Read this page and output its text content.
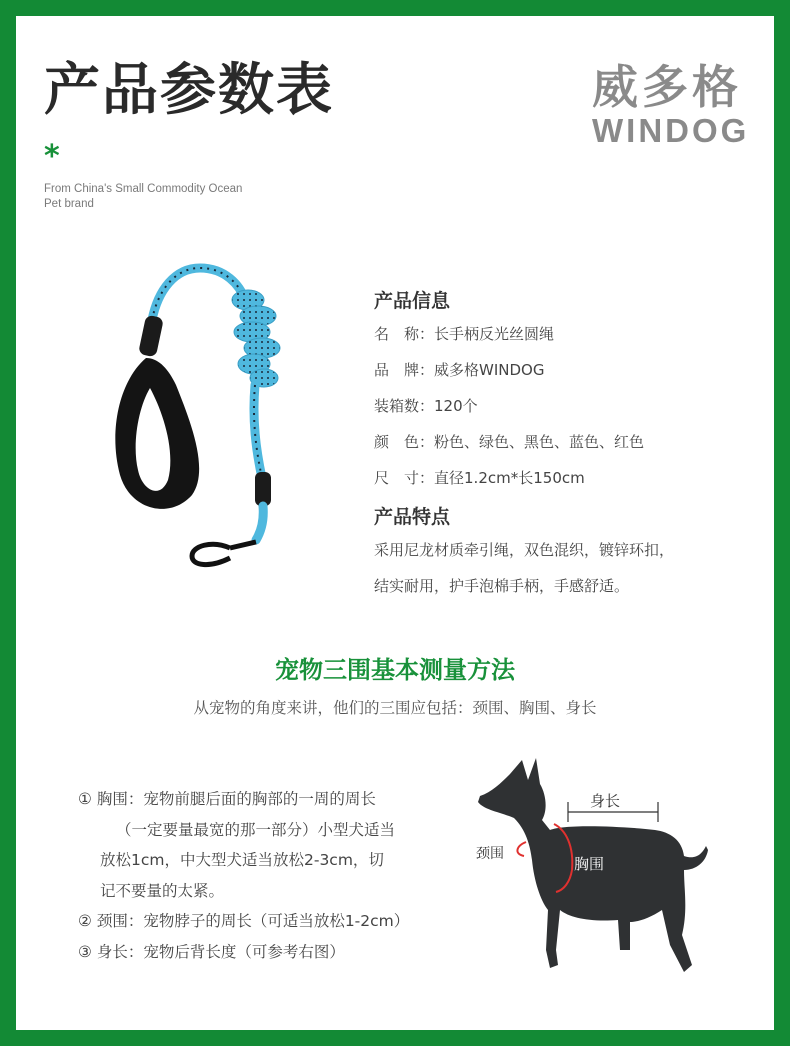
产品参数表
*
From China's Small Commodity Ocean
Pet brand
威多格
WINDOG
产品信息
名　称：长手柄反光丝圆绳
品　牌：威多格WINDOG
装箱数：120个
颜　色：粉色、绿色、黑色、蓝色、红色
尺　寸：直径1.2cm*长150cm
产品特点
采用尼龙材质牵引绳，双色混织，镀锌环扣，
结实耐用，护手泡棉手柄，手感舒适。
宠物三围基本测量方法
从宠物的角度来讲，他们的三围应包括：颈围、胸围、身长
① 胸围：宠物前腿后面的胸部的一周的周长
（一定要量最宽的那一部分）小型犬适当
放松1cm，中大型犬适当放松2-3cm，切
记不要量的太紧。
② 颈围：宠物脖子的周长（可适当放松1-2cm）
③ 身长：宠物后背长度（可参考右图）
身长
颈围
胸围
